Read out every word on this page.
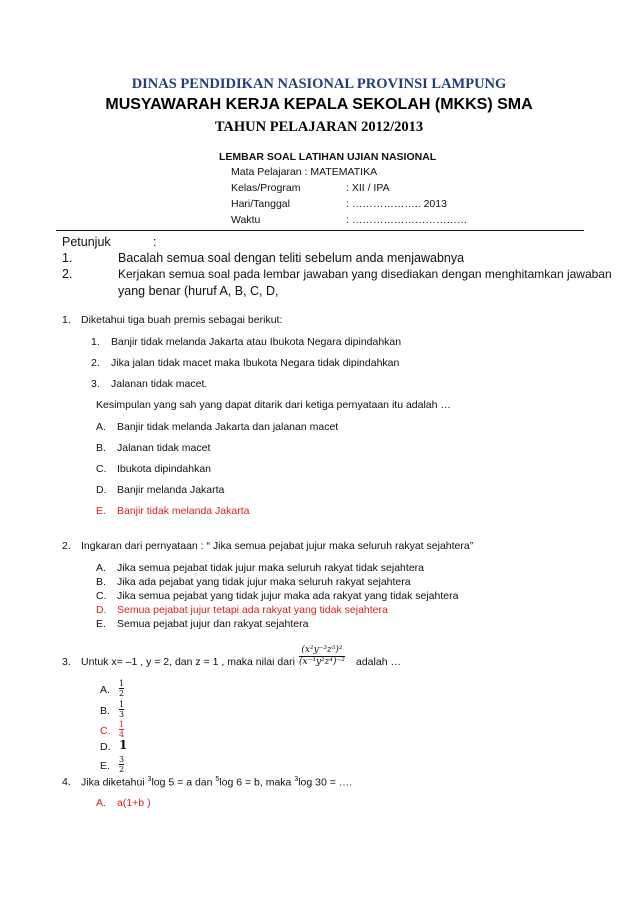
DINAS PENDIDIKAN NASIONAL PROVINSI LAMPUNG
MUSYAWARAH KERJA KEPALA SEKOLAH (MKKS) SMA
TAHUN PELAJARAN 2012/2013
LEMBAR SOAL LATIHAN UJIAN NASIONAL
Mata Pelajaran : MATEMATIKA
Kelas/Program	: XII / IPA
Hari/Tanggal	: ……………….. 2013
Waktu	: ……………………………
Petunjuk	:
1.	Bacalah semua soal dengan teliti sebelum anda menjawabnya
2.	Kerjakan semua soal pada lembar jawaban yang disediakan dengan menghitamkan jawaban
yang benar (huruf A, B, C, D,
1. Diketahui tiga buah premis sebagai berikut:
1. Banjir tidak melanda Jakarta atau Ibukota Negara dipindahkan
2. Jika jalan tidak macet maka Ibukota Negara tidak dipindahkan
3. Jalanan tidak macet.
Kesimpulan yang sah yang dapat ditarik dari ketiga pernyataan itu adalah …
A. Banjir tidak melanda Jakarta dan jalanan macet
B. Jalanan tidak macet
C. Ibukota dipindahkan
D. Banjir melanda Jakarta
E. Banjir tidak melanda Jakarta
2. Ingkaran dari pernyataan : “ Jika semua pejabat jujur maka seluruh rakyat sejahtera”
A. Jika semua pejabat tidak jujur maka seluruh rakyat tidak sejahtera
B. Jika ada pejabat yang tidak jujur maka seluruh rakyat sejahtera
C. Jika semua pejabat yang tidak jujur maka ada rakyat yang tidak sejahtera
D. Semua pejabat jujur tetapi ada rakyat yang tidak sejahtera
E. Semua pejabat jujur dan rakyat sejahtera
3. Untuk x= –1 , y = 2, dan z = 1 , maka nilai dari
(x²y⁻³z⁵)²
(x⁻¹y²z⁴)⁻² adalah …
A.
1
2
B.
1
3
C.
1
4
D. 1
E.
3
2
4. Jika diketahui $^3$log 5 = a dan $^5$log 6 = b, maka $^3$log 30 = ….
A. a(1+b )
